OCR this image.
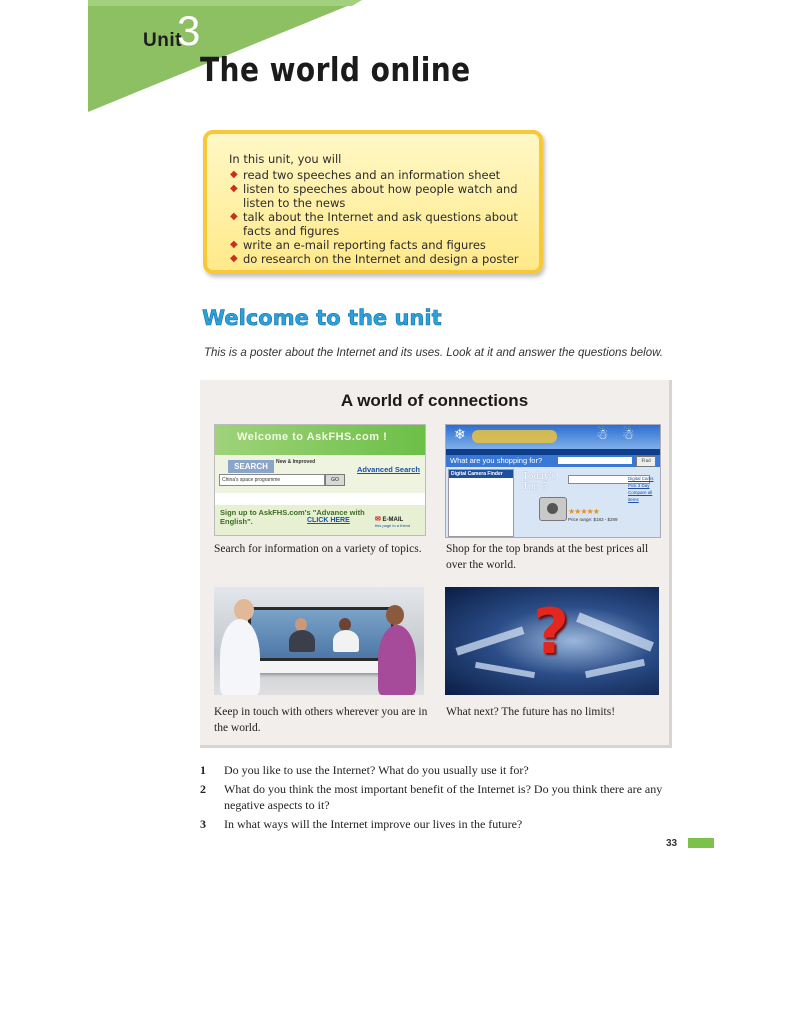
Unit
3
The world online
In this unit, you will
◆ read two speeches and an information sheet
◆ listen to speeches about how people watch and
listen to the news
◆ talk about the Internet and ask questions about
facts and figures
◆ write an e-mail reporting facts and figures
◆ do research on the Internet and design a poster
Welcome to the unit
This is a poster about the Internet and its uses. Look at it and answer the questions below.
A world of connections
Welcome to AskFHS.com !
SEARCH	New & Improved
China's space programme	GO
Advanced Search
Sign up to AskFHS.com's "Advance with English".	CLICK HERE	✉ E-MAIL
this page to a friend
Search for information on a variety of topics.
❄	☃ ☃
What are you shopping for?	Find
Digital Camera Finder	Today's
Top 5
★★★★★
Price range: $183 - $289
Digital Cams
Pick 3 Day
Compare all items
Shop for the top brands at the best prices all over the world.
Keep in touch with others wherever you are in the world.
?
What next? The future has no limits!
1 Do you like to use the Internet? What do you usually use it for?
2 What do you think the most important benefit of the Internet is? Do you think there are any negative aspects to it?
3 In what ways will the Internet improve our lives in the future?
33
